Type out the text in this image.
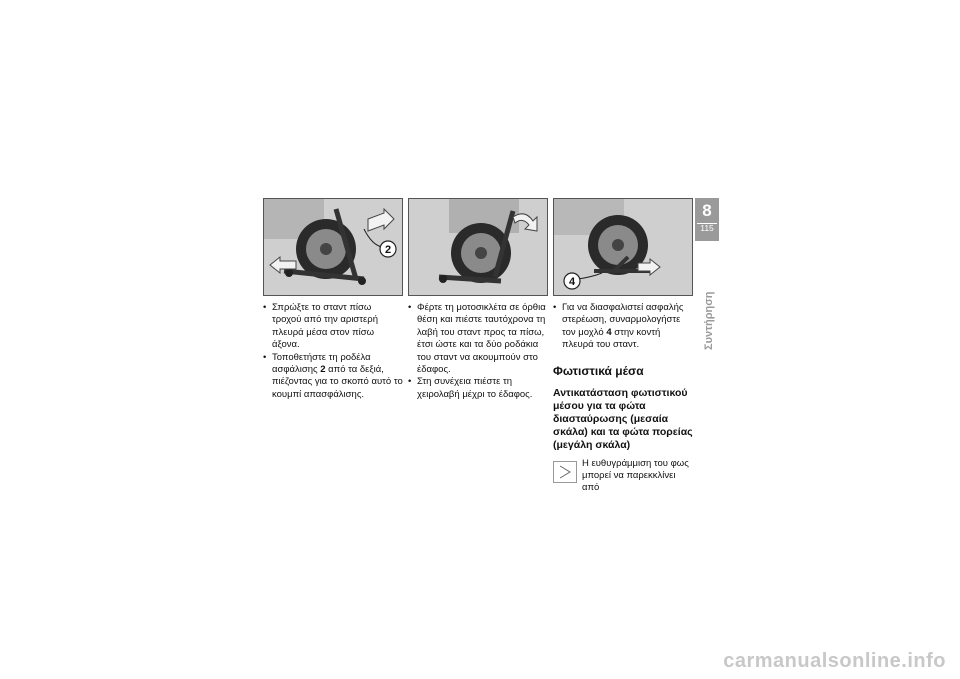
2
4
• Σπρώξτε το σταντ πίσω τροχού από την αριστερή πλευρά μέσα στον πίσω άξονα.
• Τοποθετήστε τη ροδέλα ασφάλισης 2 από τα δεξιά, πιέζοντας για το σκοπό αυτό το κουμπί απασφάλισης.
• Φέρτε τη μοτοσικλέτα σε όρθια θέση και πιέστε ταυτόχρονα τη λαβή του σταντ προς τα πίσω, έτσι ώστε και τα δύο ροδάκια του σταντ να ακουμπούν στο έδαφος.
• Στη συνέχεια πιέστε τη χειρολαβή μέχρι το έδαφος.
• Για να διασφαλιστεί ασφαλής στερέωση, συναρμολογήστε τον μοχλό 4 στην κοντή πλευρά του σταντ.
Φωτιστικά μέσα
Αντικατάσταση φωτιστικού μέσου για τα φώτα διασταύρωσης (μεσαία σκάλα) και τα φώτα πορείας (μεγάλη σκάλα)
Η ευθυγράμμιση του φως μπορεί να παρεκκλίνει από
8
115
Συντήρηση
carmanualsonline.info
